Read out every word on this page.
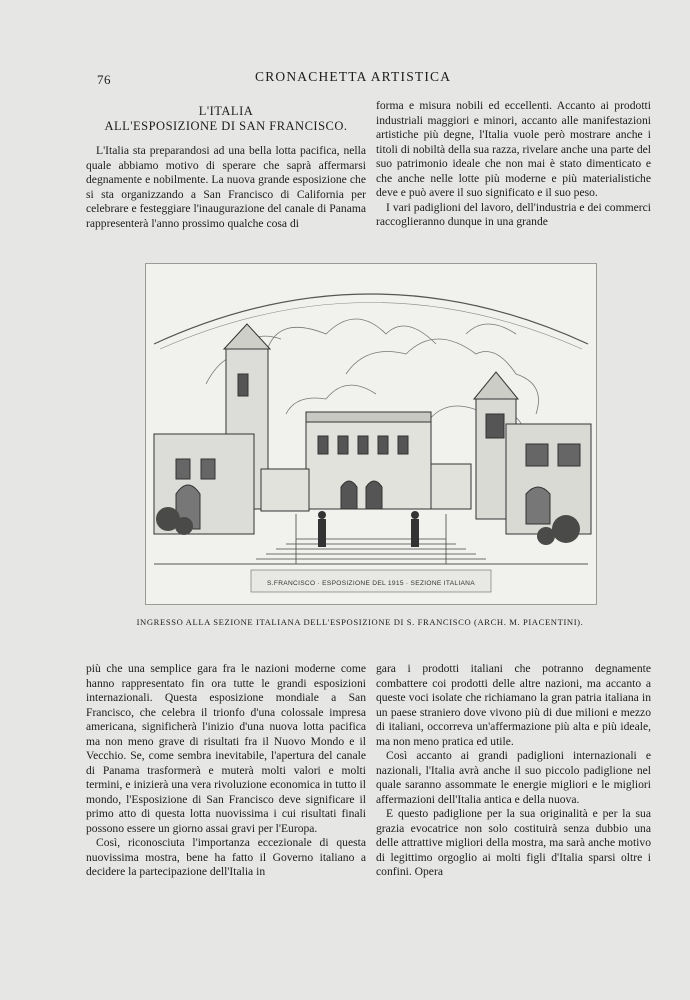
76	CRONACHETTA ARTISTICA
L'ITALIA
ALL'ESPOSIZIONE DI SAN FRANCISCO.

L'Italia sta preparandosi ad una bella lotta pacifica, nella quale abbiamo motivo di sperare che saprà affermarsi degnamente e nobilmente. La nuova grande esposizione che si sta organizzando a San Francisco di California per celebrare e festeggiare l'inaugurazione del canale di Panama rappresenterà l'anno prossimo qualche cosa di

forma e misura nobili ed eccellenti. Accanto ai prodotti industriali maggiori e minori, accanto alle manifestazioni artistiche più degne, l'Italia vuole però mostrare anche i titoli di nobiltà della sua razza, rivelare anche una parte del suo patrimonio ideale che non mai è stato dimenticato e che anche nelle lotte più moderne e più materialistiche deve e può avere il suo significato e il suo peso.

I vari padiglioni del lavoro, dell'industria e dei commerci raccoglieranno dunque in una grande

S.FRANCISCO · ESPOSIZIONE DEL 1915 · SEZIONE ITALIANA
INGRESSO ALLA SEZIONE ITALIANA DELL'ESPOSIZIONE DI S. FRANCISCO (ARCH. M. PIACENTINI).

più che una semplice gara fra le nazioni moderne come hanno rappresentato fin ora tutte le grandi esposizioni internazionali. Questa esposizione mondiale a San Francisco, che celebra il trionfo d'una colossale impresa americana, significherà l'inizio d'una nuova lotta pacifica ma non meno grave di risultati fra il Nuovo Mondo e il Vecchio. Se, come sembra inevitabile, l'apertura del canale di Panama trasformerà e muterà molti valori e molti termini, e inizierà una vera rivoluzione economica in tutto il mondo, l'Esposizione di San Francisco deve significare il primo atto di questa lotta nuovissima i cui risultati finali possono essere un giorno assai gravi per l'Europa.

Così, riconosciuta l'importanza eccezionale di questa nuovissima mostra, bene ha fatto il Governo italiano a decidere la partecipazione dell'Italia in

gara i prodotti italiani che potranno degnamente combattere coi prodotti delle altre nazioni, ma accanto a queste voci isolate che richiamano la gran patria italiana in un paese straniero dove vivono più di due milioni e mezzo di italiani, occorreva un'affermazione più alta e più ideale, ma non meno pratica ed utile.

Così accanto ai grandi padiglioni internazionali e nazionali, l'Italia avrà anche il suo piccolo padiglione nel quale saranno assommate le energie migliori e le migliori affermazioni dell'Italia antica e della nuova.

E questo padiglione per la sua originalità e per la sua grazia evocatrice non solo costituirà senza dubbio una delle attrattive migliori della mostra, ma sarà anche motivo di legittimo orgoglio ai molti figli d'Italia sparsi oltre i confini. Opera
